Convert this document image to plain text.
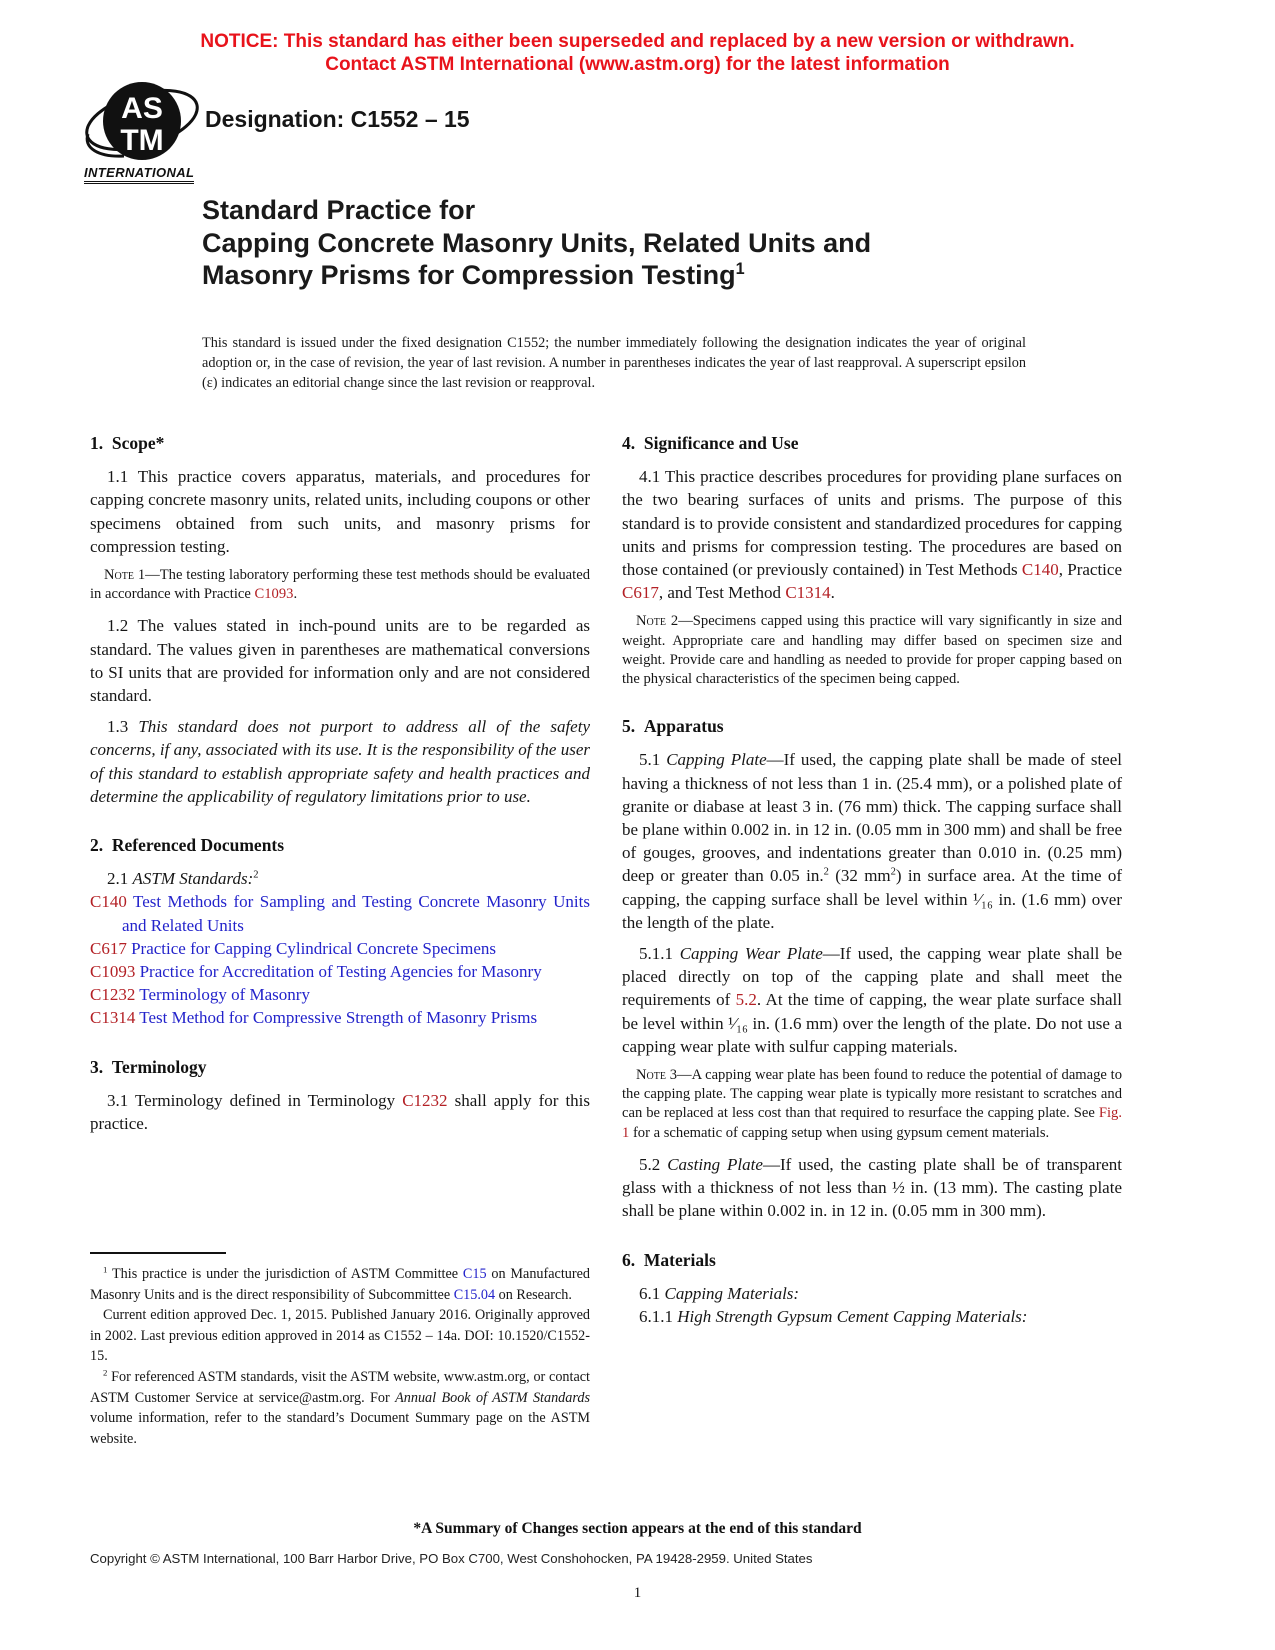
NOTICE: This standard has either been superseded and replaced by a new version or withdrawn.
Contact ASTM International (www.astm.org) for the latest information
AS
TM
INTERNATIONAL
Designation: C1552 – 15
Standard Practice for
Capping Concrete Masonry Units, Related Units and
Masonry Prisms for Compression Testing$^1$
This standard is issued under the fixed designation C1552; the number immediately following the designation indicates the year of original adoption or, in the case of revision, the year of last revision. A number in parentheses indicates the year of last reapproval. A superscript epsilon (ε) indicates an editorial change since the last revision or reapproval.
1. Scope*

1.1 This practice covers apparatus, materials, and procedures for capping concrete masonry units, related units, including coupons or other specimens obtained from such units, and masonry prisms for compression testing.

Note 1—The testing laboratory performing these test methods should be evaluated in accordance with Practice C1093.

1.2 The values stated in inch-pound units are to be regarded as standard. The values given in parentheses are mathematical conversions to SI units that are provided for information only and are not considered standard.

1.3 This standard does not purport to address all of the safety concerns, if any, associated with its use. It is the responsibility of the user of this standard to establish appropriate safety and health practices and determine the applicability of regulatory limitations prior to use.

2. Referenced Documents

2.1 ASTM Standards:$^2$

C140 Test Methods for Sampling and Testing Concrete Masonry Units and Related Units

C617 Practice for Capping Cylindrical Concrete Specimens

C1093 Practice for Accreditation of Testing Agencies for Masonry

C1232 Terminology of Masonry

C1314 Test Method for Compressive Strength of Masonry Prisms

3. Terminology

3.1 Terminology defined in Terminology C1232 shall apply for this practice.

4. Significance and Use

4.1 This practice describes procedures for providing plane surfaces on the two bearing surfaces of units and prisms. The purpose of this standard is to provide consistent and standardized procedures for capping units and prisms for compression testing. The procedures are based on those contained (or previously contained) in Test Methods C140, Practice C617, and Test Method C1314.

Note 2—Specimens capped using this practice will vary significantly in size and weight. Appropriate care and handling may differ based on specimen size and weight. Provide care and handling as needed to provide for proper capping based on the physical characteristics of the specimen being capped.

5. Apparatus

5.1 Capping Plate—If used, the capping plate shall be made of steel having a thickness of not less than 1 in. (25.4 mm), or a polished plate of granite or diabase at least 3 in. (76 mm) thick. The capping surface shall be plane within 0.002 in. in 12 in. (0.05 mm in 300 mm) and shall be free of gouges, grooves, and indentations greater than 0.010 in. (0.25 mm) deep or greater than 0.05 in.$^2$ (32 $mm^2$) in surface area. At the time of capping, the capping surface shall be level within ¹⁄₁₆ in. (1.6 mm) over the length of the plate.

5.1.1 Capping Wear Plate—If used, the capping wear plate shall be placed directly on top of the capping plate and shall meet the requirements of 5.2. At the time of capping, the wear plate surface shall be level within ¹⁄₁₆ in. (1.6 mm) over the length of the plate. Do not use a capping wear plate with sulfur capping materials.

Note 3—A capping wear plate has been found to reduce the potential of damage to the capping plate. The capping wear plate is typically more resistant to scratches and can be replaced at less cost than that required to resurface the capping plate. See Fig. 1 for a schematic of capping setup when using gypsum cement materials.

5.2 Casting Plate—If used, the casting plate shall be of transparent glass with a thickness of not less than ½ in. (13 mm). The casting plate shall be plane within 0.002 in. in 12 in. (0.05 mm in 300 mm).

6. Materials

6.1 Capping Materials:

6.1.1 High Strength Gypsum Cement Capping Materials:

$^1$ This practice is under the jurisdiction of ASTM Committee C15 on Manufactured Masonry Units and is the direct responsibility of Subcommittee C15.04 on Research.

Current edition approved Dec. 1, 2015. Published January 2016. Originally approved in 2002. Last previous edition approved in 2014 as C1552 – 14a. DOI: 10.1520/C1552-15.

$^2$ For referenced ASTM standards, visit the ASTM website, www.astm.org, or contact ASTM Customer Service at service@astm.org. For Annual Book of ASTM Standards volume information, refer to the standard’s Document Summary page on the ASTM website.

*A Summary of Changes section appears at the end of this standard
Copyright © ASTM International, 100 Barr Harbor Drive, PO Box C700, West Conshohocken, PA 19428-2959. United States
1
